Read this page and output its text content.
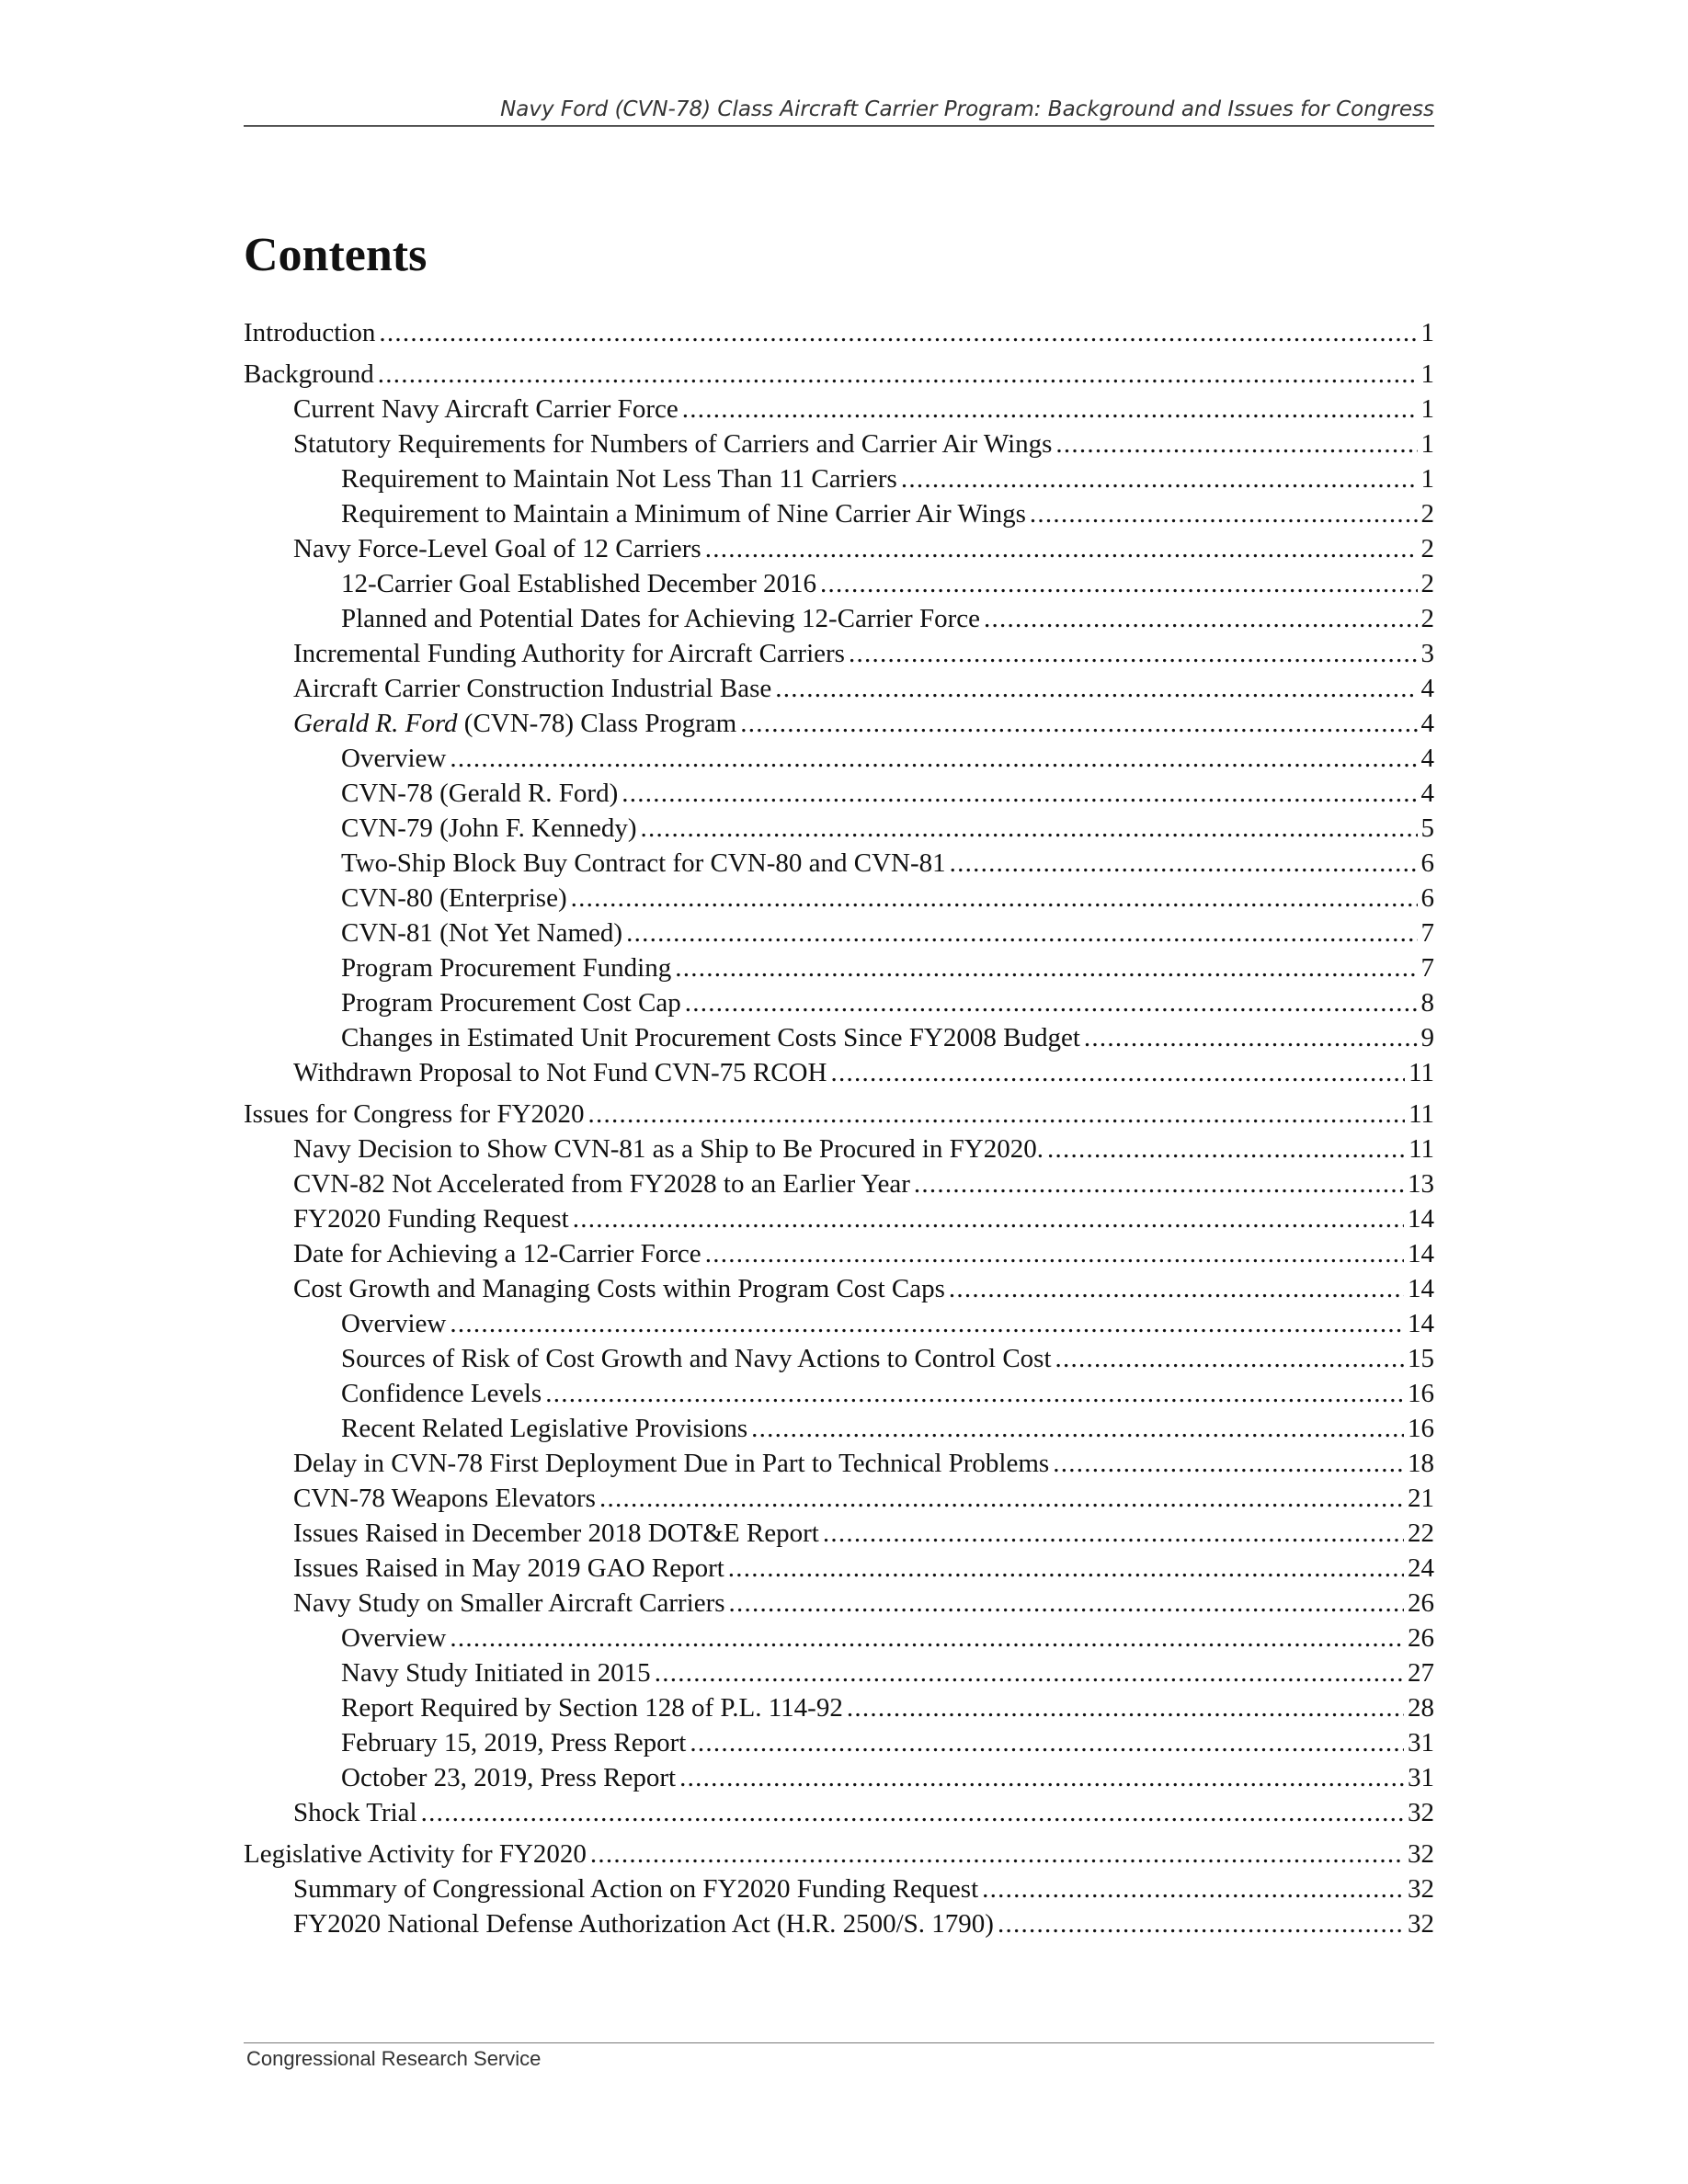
Navy Ford (CVN-78) Class Aircraft Carrier Program: Background and Issues for Congress
Contents
Introduction . . .	1
Background . . .	1
Current Navy Aircraft Carrier Force . . .	1
Statutory Requirements for Numbers of Carriers and Carrier Air Wings . . .	1
Requirement to Maintain Not Less Than 11 Carriers . . .	1
Requirement to Maintain a Minimum of Nine Carrier Air Wings . . .	2
Navy Force-Level Goal of 12 Carriers . . .	2
12-Carrier Goal Established December 2016 . . .	2
Planned and Potential Dates for Achieving 12-Carrier Force . . .	2
Incremental Funding Authority for Aircraft Carriers . . .	3
Aircraft Carrier Construction Industrial Base . . .	4
Gerald R. Ford (CVN-78) Class Program . . .	4
Overview . . .	4
CVN-78 (Gerald R. Ford) . . .	4
CVN-79 (John F. Kennedy) . . .	5
Two-Ship Block Buy Contract for CVN-80 and CVN-81 . . .	6
CVN-80 (Enterprise) . . .	6
CVN-81 (Not Yet Named) . . .	7
Program Procurement Funding . . .	7
Program Procurement Cost Cap . . .	8
Changes in Estimated Unit Procurement Costs Since FY2008 Budget . . .	9
Withdrawn Proposal to Not Fund CVN-75 RCOH . . .	11
Issues for Congress for FY2020 . . .	11
Navy Decision to Show CVN-81 as a Ship to Be Procured in FY2020. . . .	11
CVN-82 Not Accelerated from FY2028 to an Earlier Year . . .	13
FY2020 Funding Request . . .	14
Date for Achieving a 12-Carrier Force . . .	14
Cost Growth and Managing Costs within Program Cost Caps . . .	14
Overview . . .	14
Sources of Risk of Cost Growth and Navy Actions to Control Cost . . .	15
Confidence Levels . . .	16
Recent Related Legislative Provisions . . .	16
Delay in CVN-78 First Deployment Due in Part to Technical Problems . . .	18
CVN-78 Weapons Elevators . . .	21
Issues Raised in December 2018 DOT&E Report . . .	22
Issues Raised in May 2019 GAO Report . . .	24
Navy Study on Smaller Aircraft Carriers . . .	26
Overview . . .	26
Navy Study Initiated in 2015 . . .	27
Report Required by Section 128 of P.L. 114-92 . . .	28
February 15, 2019, Press Report . . .	31
October 23, 2019, Press Report . . .	31
Shock Trial . . .	32
Legislative Activity for FY2020 . . .	32
Summary of Congressional Action on FY2020 Funding Request . . .	32
FY2020 National Defense Authorization Act (H.R. 2500/S. 1790) . . .	32
Congressional Research Service
